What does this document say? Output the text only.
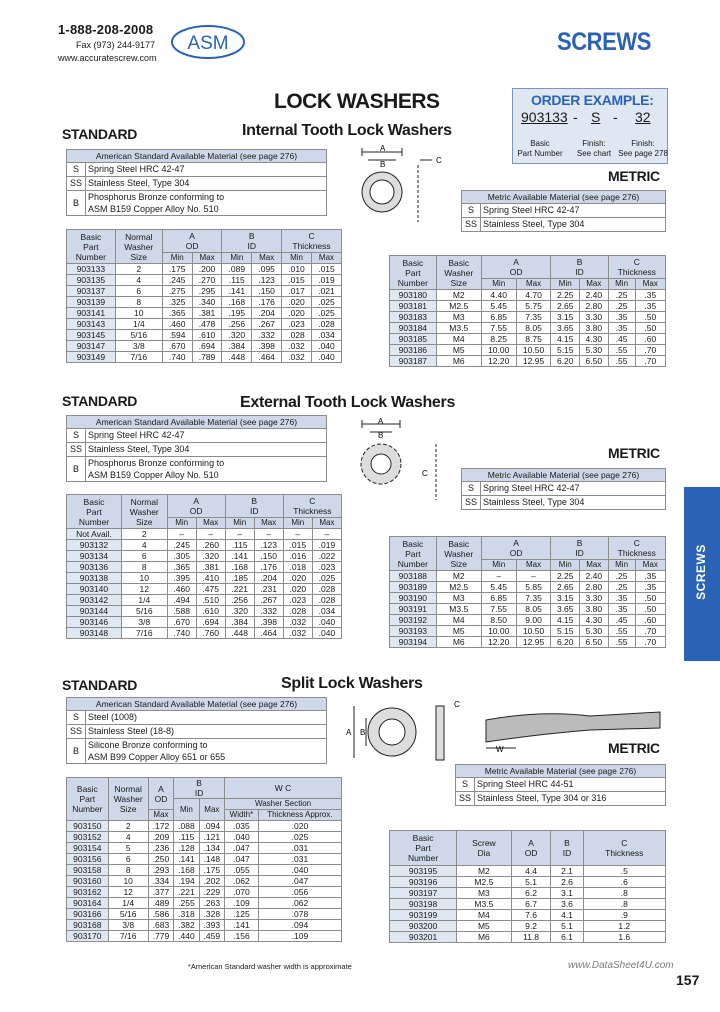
1-888-208-2008
Fax (973) 244-9177
www.accuratescrew.com
ASM	SCREWS
LOCK WASHERS	ORDER EXAMPLE:
903133 - S - 32
Basic
Part Number
Finish:
See chart
Finish:
See page 278
STANDARD	Internal Tooth Lock Washers
American Standard Available Material (see page 276)	
S	Spring Steel HRC 42-47
SS	Stainless Steel, Type 304
B	Phosphorus Bronze conforming to
ASM B159 Copper Alloy No. 510
A
B	C
METRIC
Metric Available Material (see page 276)	
S	Spring Steel HRC 42-47
SS	Stainless Steel, Type 304
Basic
Part
Number	Normal
Washer
Size	A
OD		B
ID		C
Thickness	
		Min	Max	Min	Max	Min	Max
903133	2	.175	.200	.089	.095	.010	.015
903135	4	.245	.270	.115	.123	.015	.019
903137	6	.275	.295	.141	.150	.017	.021
903139	8	.325	.340	.168	.176	.020	.025
903141	10	.365	.381	.195	.204	.020	.025
903143	1/4	.460	.478	.256	.267	.023	.028
903145	5/16	.594	.610	.320	.332	.028	.034
903147	3/8	.670	.694	.384	.398	.032	.040
903149	7/16	.740	.789	.448	.464	.032	.040
Basic
Part
Number	Basic
Washer
Size	A
OD		B
ID		C
Thickness	
		Min	Max	Min	Max	Min	Max
903180	M2	4.40	4.70	2.25	2.40	.25	.35
903181	M2.5	5.45	5.75	2.65	2.80	.25	.35
903183	M3	6.85	7.35	3.15	3.30	.35	.50
903184	M3.5	7.55	8.05	3.65	3.80	.35	.50
903185	M4	8.25	8.75	4.15	4.30	.45	.60
903186	M5	10.00	10.50	5.15	5.30	.55	.70
903187	M6	12.20	12.95	6.20	6.50	.55	.70
STANDARD	External Tooth Lock Washers
American Standard Available Material (see page 276)	
S	Spring Steel HRC 42-47
SS	Stainless Steel, Type 304
B	Phosphorus Bronze conforming to
ASM B159 Copper Alloy No. 510
A
B
C
METRIC
Metric Available Material (see page 276)	
S	Spring Steel HRC 42-47
SS	Stainless Steel, Type 304
Basic
Part
Number	Normal
Washer
Size	A
OD		B
ID		C
Thickness	
		Min	Max	Min	Max	Min	Max
Not Avail.	2	–	–	–	–	–	–
903132	4	.245	.260	.115	.123	.015	.019
903134	6	.305	.320	.141	.150	.016	.022
903136	8	.365	.381	.168	.176	.018	.023
903138	10	.395	.410	.185	.204	.020	.025
903140	12	.460	.475	.221	.231	.020	.028
903142	1/4	.494	.510	.256	.267	.023	.028
903144	5/16	.588	.610	.320	.332	.028	.034
903146	3/8	.670	.694	.384	.398	.032	.040
903148	7/16	.740	.760	.448	.464	.032	.040
Basic
Part
Number	Basic
Washer
Size	A
OD		B
ID		C
Thickness	
		Min	Max	Min	Max	Min	Max
903188	M2	–	–	2.25	2.40	.25	.35
903189	M2.5	5.45	5.85	2.65	2.80	.25	.35
903190	M3	6.85	7.35	3.15	3.30	.35	.50
903191	M3.5	7.55	8.05	3.65	3.80	.35	.50
903192	M4	8.50	9.00	4.15	4.30	.45	.60
903193	M5	10.00	10.50	5.15	5.30	.55	.70
903194	M6	12.20	12.95	6.20	6.50	.55	.70
STANDARD	Split Lock Washers
American Standard Available Material (see page 276)	
S	Steel (1008)
SS	Stainless Steel (18-8)
B	Silicone Bronze conforming to
ASM B99 Copper Alloy 651 or 655
A B
C
W	METRIC
Metric Available Material (see page 276)	
S	Spring Steel HRC 44-51
SS	Stainless Steel, Type 304 or 316
Basic
Part
Number	Normal
Washer
Size	A
OD	B
ID		W C	
			Min	Max	Washer Section	
		Max			Width*	Thickness Approx.
903150	2	.172	.088	.094	.035	.020
903152	4	.209	.115	.121	.040	.025
903154	5	.236	.128	.134	.047	.031
903156	6	.250	.141	.148	.047	.031
903158	8	.293	.168	.175	.055	.040
903160	10	.334	.194	.202	.062	.047
903162	12	.377	.221	.229	.070	.056
903164	1/4	.489	.255	.263	.109	.062
903166	5/16	.586	.318	.328	.125	.078
903168	3/8	.683	.382	.393	.141	.094
903170	7/16	.779	.440	.459	.156	.109
Basic
Part
Number	Screw
Dia	A
OD	B
ID	C
Thickness
903195	M2	4.4	2.1	.5
903196	M2.5	5.1	2.6	.6
903197	M3	6.2	3.1	.8
903198	M3.5	6.7	3.6	.8
903199	M4	7.6	4.1	.9
903200	M5	9.2	5.1	1.2
903201	M6	11.8	6.1	1.6
*American Standard washer width is approximate
SCREWS
www.DataSheet4U.com
157
